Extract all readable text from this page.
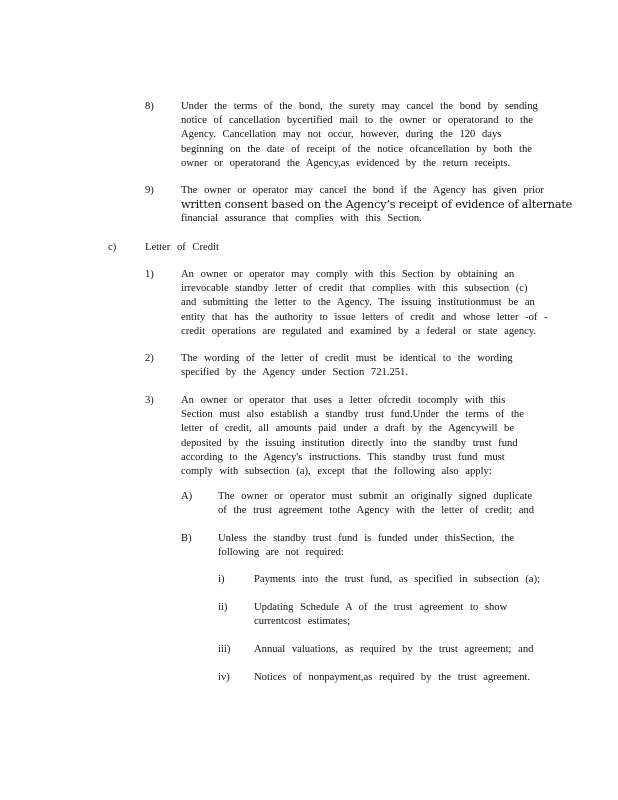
8)	Under the terms of the bond, the surety may cancel the bond by sending
notice of cancellation bycertified mail to the owner or operatorand to the
Agency. Cancellation may not occur, however, during the 120 days
beginning on the date of receipt of the notice ofcancellation by both the
owner or operatorand the Agency,as evidenced by the return receipts.
9)	The owner or operator may cancel the bond if the Agency has given prior
written consent based on the Agency’s receipt of evidence of alternate
financial assurance that complies with this Section.
c)	Letter of Credit
1)	An owner or operator may comply with this Section by obtaining an
irrevocable standby letter of credit that complies with this subsection (c)
and submitting the letter to the Agency. The issuing institutionmust be an
entity that has the authority to issue letters of credit and whose letter -of -
credit operations are regulated and examined by a federal or state agency.
2)	The wording of the letter of credit must be identical to the wording
specified by the Agency under Section 721.251.
3)	An owner or operator that uses a letter ofcredit tocomply with this
Section must also establish a standby trust fund.Under the terms of the
letter of credit, all amounts paid under a draft by the Agencywill be
deposited by the issuing institution directly into the standby trust fund
according to the Agency's instructions. This standby trust fund must
comply with subsection (a), except that the following also apply:
A) The owner or operator must submit an originally signed duplicate
of the trust agreement tothe Agency with the letter of credit; and
B) Unless the standby trust fund is funded under thisSection, the
following are not required:
i)	Payments into the trust fund, as specified in subsection (a);
ii)	Updating Schedule A of the trust agreement to show
currentcost estimates;
iii) Annual valuations, as required by the trust agreement; and
iv) Notices of nonpayment,as required by the trust agreement.
